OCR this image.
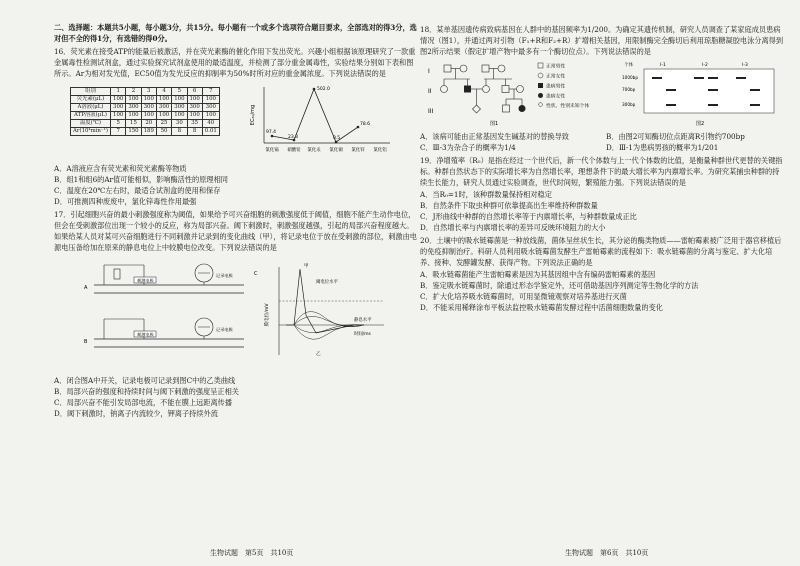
二、选择题：本题共5小题，每小题3分，共15分。每小题有一个或多个选项符合题目要求，全部选对的得3分，选对但不全的得1分，有选错的得0分。

16．荧光素在接受ATP的能量后被激活，并在荧光素酶的催化作用下发出荧光。兴趣小组根据该原理研究了一款重金属毒性检测试剂盒，通过实验探究试剂盒使用的最适温度，并检测了部分重金属毒性，实验结果分别如下表和图所示。Ar为相对发光值，EC50值为发光反应的抑制率为50%时所对应的重金属浓度。下列说法错误的是

组别	1	2	3	4	5	6	7
荧光素(μL)	100	100	100	100	100	100	100
A溶液(μL)	300	300	300	300	300	300	300
ATP溶液(μL)	100	100	100	100	100	100	100
温度(℃)	5	15	20	25	30	35	40
Ar(10⁴min⁻¹)	7	150	189	50	8	8	0.01
EC₅₀/mg
97.4
502.0
23.3	0.5
78.6
氯化镉 硝酸铅 氯化汞 氯化铜 氯化锌 氯化铝

A．A溶液应含有荧光素和荧光素酶等物质

B．组1和组6的Ar值可能相似，影响酶活性的原理相同

C．温度在20℃左右时，最适合试剂盒的使用和保存

D．可推测四种废废中，氯化锌毒性作用最强

17．引起细胞兴奋的最小刺激强度称为阈值，如果给予可兴奋细胞的刺激强度低于阈值，细胞不能产生动作电位，但会在受刺激部位出现一个较小的反应，称为局部兴奋。阈下刺激时，刺激强度越强，引起的局部兴奋程度越大。如果给某人员对某可兴奋细胞进行不同刺激并记录到的变化曲线（甲），将记录电位于放在受刺激的部位，刺激由电源电压备给加在原来的静息电位上中较膜电位改变。下列说法错误的是

A
刺激电极
记录电极
B
刺激电极
记录电极
C
膜电位/mV
阈电位水平
静息水平
甲
乙
时间/ms

A．闭合图A中开关，记录电极可记录到图C中的乙类曲线

B．局部兴奋的强度和持续时间与阈下刺激的强度呈正相关

C．局部兴奋不能引发局部电流，不能在膜上远距离传播

D．阈下刺激时，钠离子内流较少，钾离子持续外流

18．某单基因遗传病致病基因在人群中的基因频率为1/200。为确定其遗传机制，研究人员调查了某家庭成员患病情况（图1），并通过两对引物（F₁+R和F₂+R）扩增相关基因，用限制酶完全酶切后利用琼脂糖凝胶电泳分离得到图2所示结果（假定扩增产物中最多有一个酶切位点）。下列说法错误的是

I
II
III
正常男性
正常女性
患病男性
患病女性
性状、性别未知个体
图1
个体	I-1	I-2	I-3
1000bp
700bp
300bp
图2

A．该病可能由正常基因发生碱基对的替换导致	B．由图2可知酶切位点距离R引物约700bp

C．Ⅲ-3为杂合子的概率为1/4	D．Ⅲ-1为患病男孩的概率为1/201

19．净增殖率（R₀）是指在经过一个世代后，新一代个体数与上一代个体数的比值，是衡量种群世代更替的关键指标。种群自然状态下的实际增长率为自然增长率，理想条件下的最大增长率为内禀增长率。为研究某捕虫种群的持续生长能力，研究人员通过实验调查，世代时间短，繁殖能力强。下列说法错误的是

A．当R₀=1时，该种群数量保持相对稳定

B．自然条件下取虫种群可依靠提高出生率维持种群数量

C．J形曲线中种群的自然增长率等于内禀增长率，与种群数量成正比

D．自然增长率与内禀增长率的差异可反映环境阻力的大小

20．土壤中的吸水链霉菌是一种放线菌，菌体呈丝状生长，其分泌的酶类物质——雷帕霉素被广泛用于器官移植后的免疫抑制治疗。科研人员利用吸水链霉菌发酵生产雷帕霉素的流程如下：吸水链霉菌的分离与鉴定、扩大化培养、接种、发酵罐发酵、获得产物。下列说法正确的是

A．吸水链霉菌能产生雷帕霉素是因为其基因组中含有编码雷帕霉素的基因

B．鉴定吸水链霉菌时，除通过形态学鉴定外，还可借助基因序列测定等生物化学的方法

C．扩大化培养吸水链霉菌时，可用显微镜观察对培养基进行灭菌

D．不能采用稀释涂布平板法监控吸水链霉菌发酵过程中活菌细胞数量的变化

生物试题　第5页　共10页	生物试题　第6页　共10页
